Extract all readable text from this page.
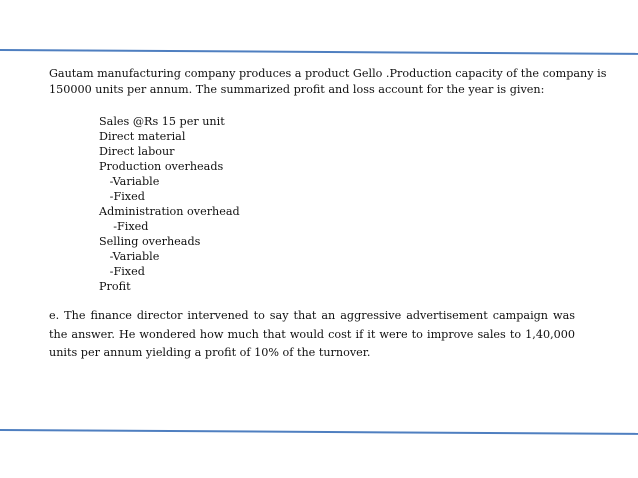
Gautam manufacturing company produces a product Gello .Production capacity of the company is
150000 units per annum. The summarized profit and loss account for the year is given:

Sales @Rs 15 per unit
Direct material
Direct labour
Production overheads
-Variable
-Fixed
Administration overhead
-Fixed
Selling overheads
-Variable
-Fixed
Profit

e. The finance director intervened to say that an aggressive advertisement campaign was the answer. He wondered how much that would cost if it were to improve sales to 1,40,000 units per annum yielding a profit of 10% of the turnover.
